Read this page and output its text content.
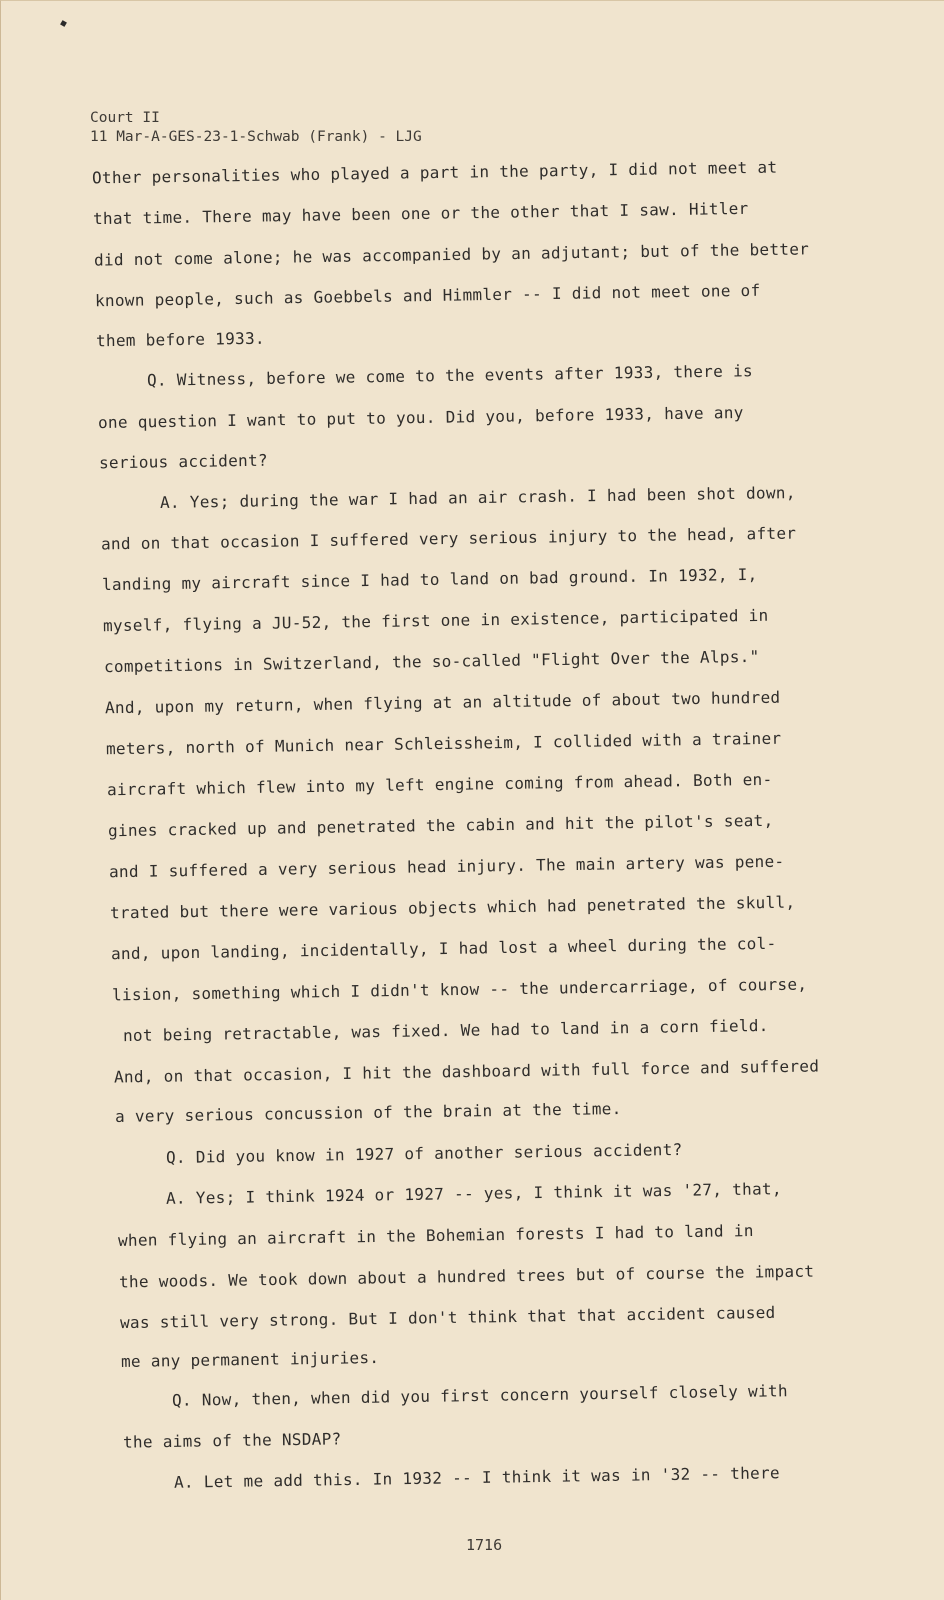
Court II
11 Mar-A-GES-23-1-Schwab (Frank) - LJG
Other personalities who played a part in the party, I did not meet at
that time. There may have been one or the other that I saw. Hitler
did not come alone; he was accompanied by an adjutant; but of the better
known people, such as Goebbels and Himmler -- I did not meet one of
them before 1933.
Q. Witness, before we come to the events after 1933, there is
one question I want to put to you. Did you, before 1933, have any
serious accident?
A. Yes; during the war I had an air crash. I had been shot down,
and on that occasion I suffered very serious injury to the head, after
landing my aircraft since I had to land on bad ground. In 1932, I,
myself, flying a JU-52, the first one in existence, participated in
competitions in Switzerland, the so-called "Flight Over the Alps."
And, upon my return, when flying at an altitude of about two hundred
meters, north of Munich near Schleissheim, I collided with a trainer
aircraft which flew into my left engine coming from ahead. Both en-
gines cracked up and penetrated the cabin and hit the pilot's seat,
and I suffered a very serious head injury. The main artery was pene-
trated but there were various objects which had penetrated the skull,
and, upon landing, incidentally, I had lost a wheel during the col-
lision, something which I didn't know -- the undercarriage, of course,
not being retractable, was fixed. We had to land in a corn field.
And, on that occasion, I hit the dashboard with full force and suffered
a very serious concussion of the brain at the time.
Q. Did you know in 1927 of another serious accident?
A. Yes; I think 1924 or 1927 -- yes, I think it was '27, that,
when flying an aircraft in the Bohemian forests I had to land in
the woods. We took down about a hundred trees but of course the impact
was still very strong. But I don't think that that accident caused
me any permanent injuries.
Q. Now, then, when did you first concern yourself closely with
the aims of the NSDAP?
A. Let me add this. In 1932 -- I think it was in '32 -- there
1716
